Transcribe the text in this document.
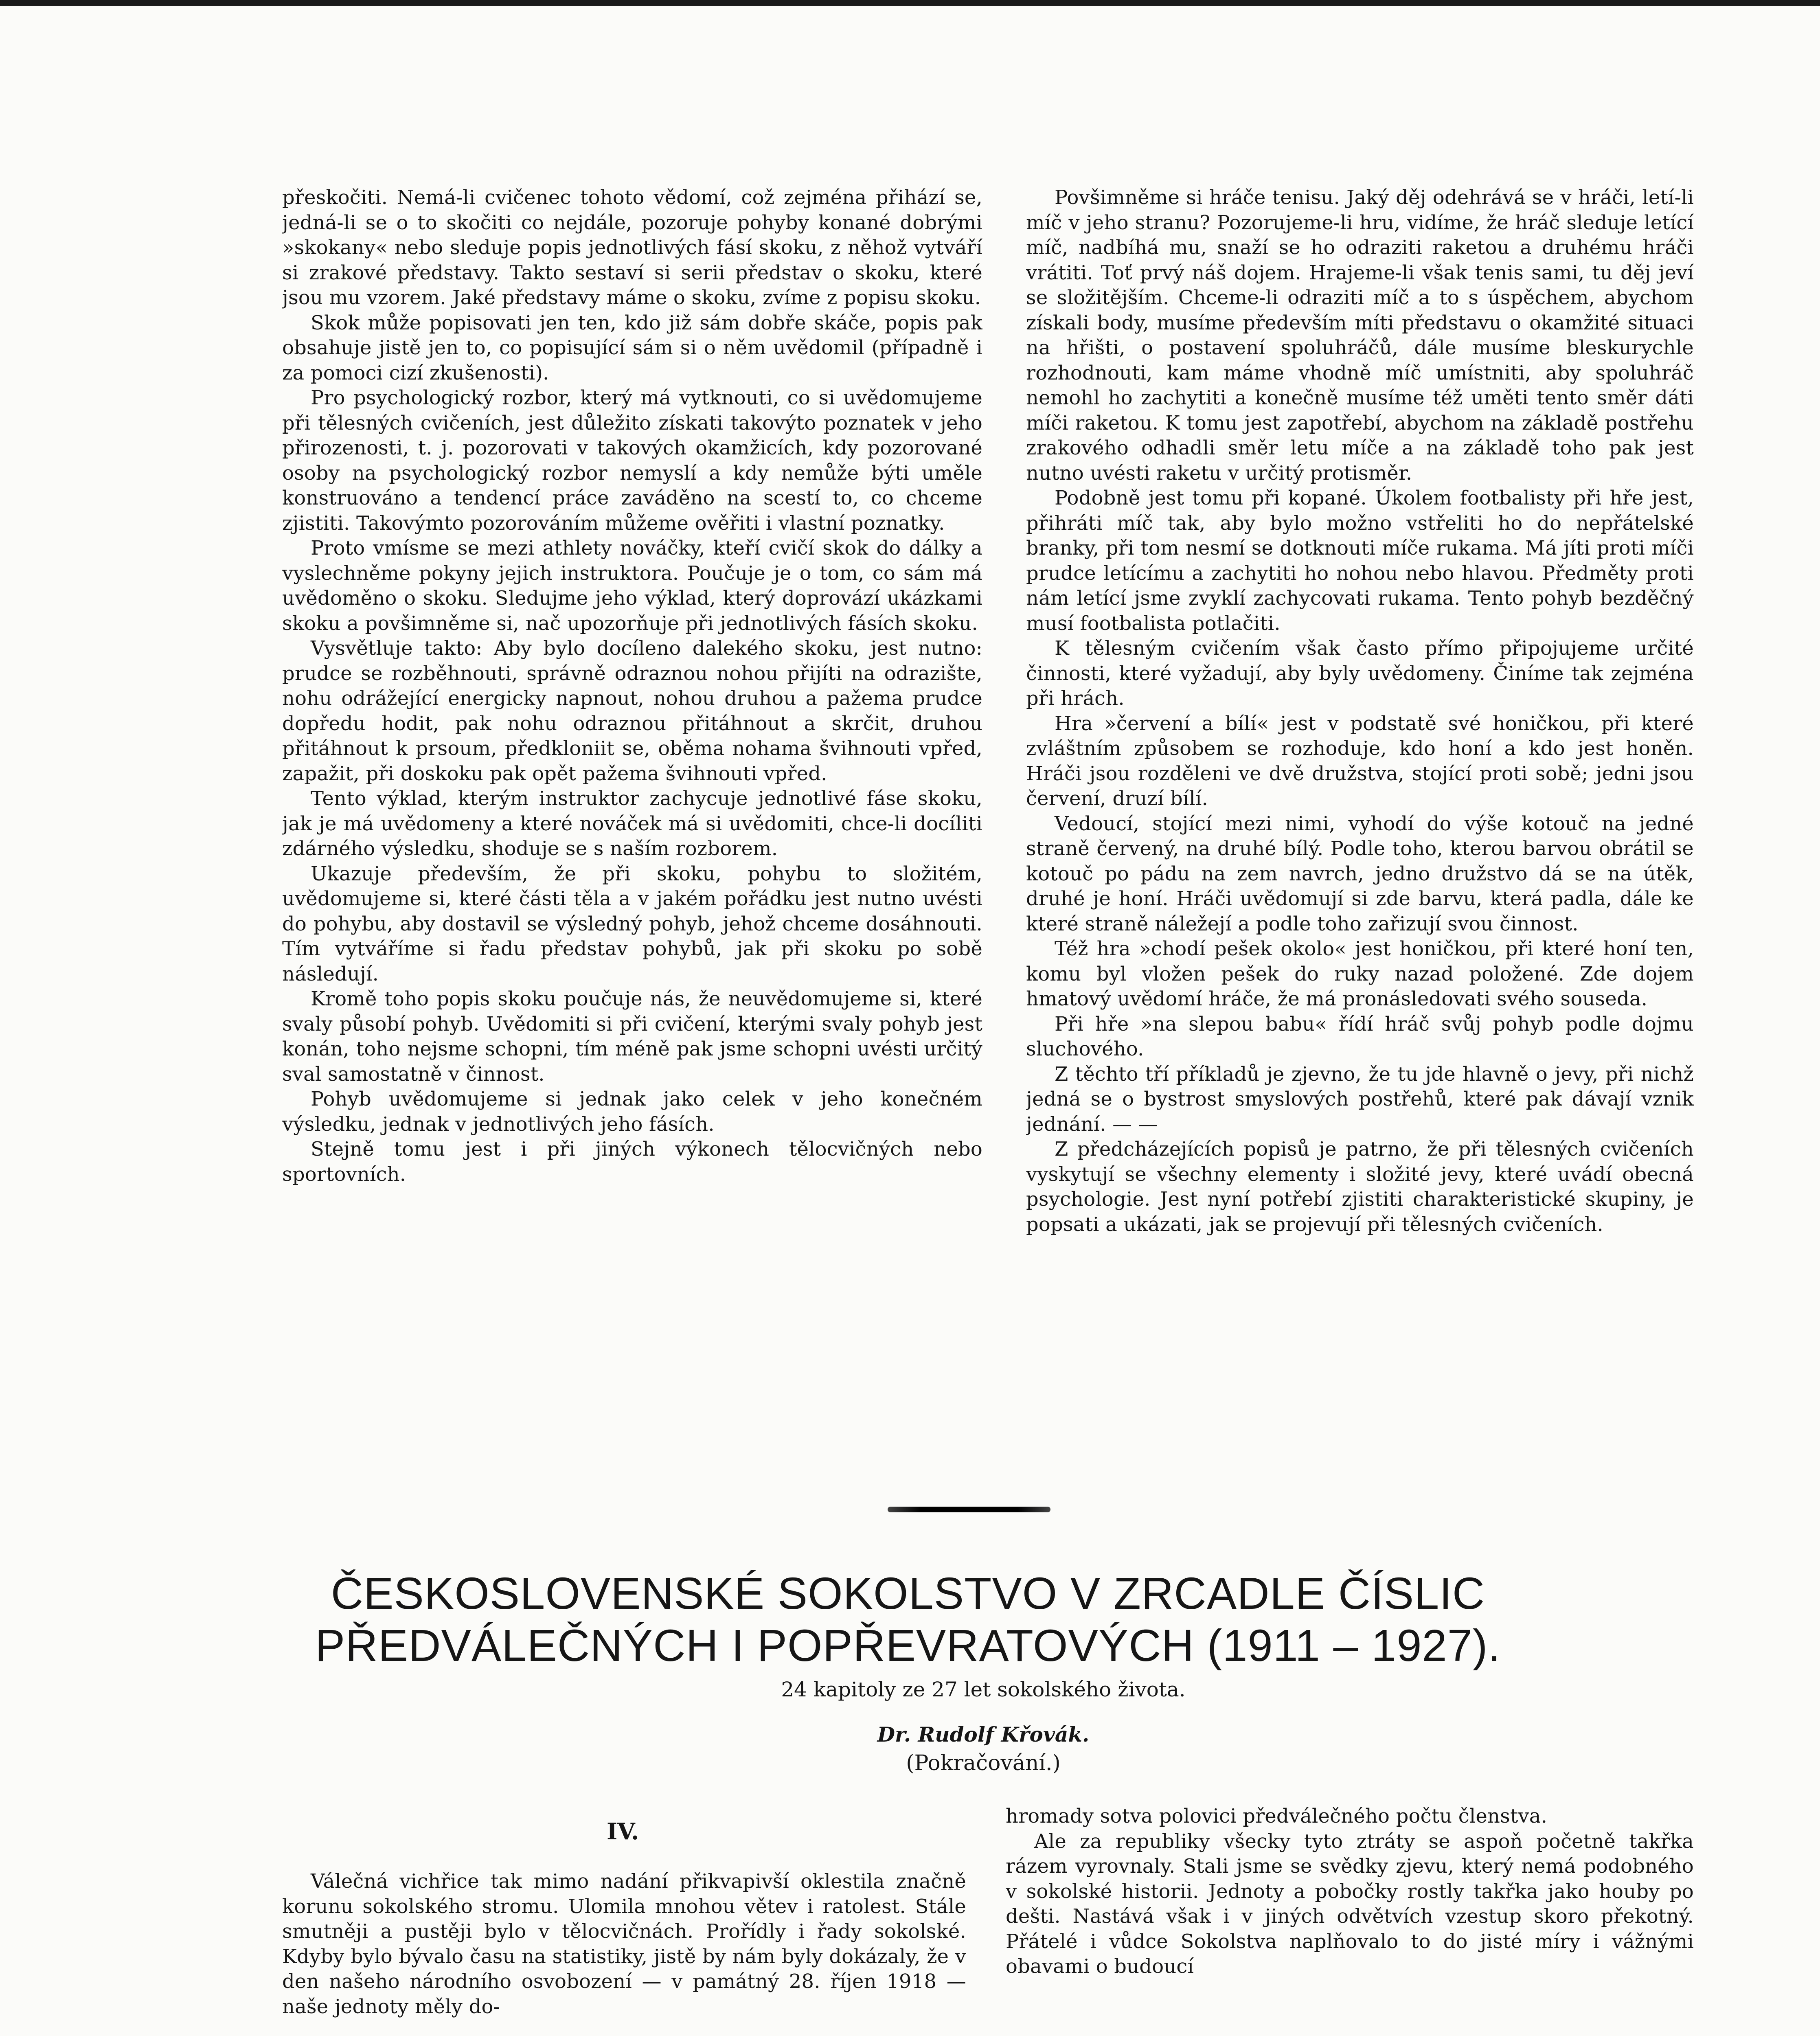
přeskočiti. Nemá-li cvičenec tohoto vědomí, což zejména přihází se, jedná-li se o to skočiti co nejdále, pozoruje pohyby konané dobrými »skokany« nebo sleduje popis jednotlivých fásí skoku, z něhož vytváří si zrakové představy. Takto sestaví si serii představ o skoku, které jsou mu vzorem. Jaké představy máme o skoku, zvíme z popisu skoku.

Skok může popisovati jen ten, kdo již sám dobře skáče, popis pak obsahuje jistě jen to, co popisující sám si o něm uvědomil (případně i za pomoci cizí zkušenosti).

Pro psychologický rozbor, který má vytknouti, co si uvědomujeme při tělesných cvičeních, jest důležito získati takovýto poznatek v jeho přirozenosti, t. j. pozorovati v takových okamžicích, kdy pozorované osoby na psychologický rozbor nemyslí a kdy nemůže býti uměle konstruováno a tendencí práce zaváděno na scestí to, co chceme zjistiti. Takovýmto pozorováním můžeme ověřiti i vlastní poznatky.

Proto vmísme se mezi athlety nováčky, kteří cvičí skok do dálky a vyslechněme pokyny jejich instruktora. Poučuje je o tom, co sám má uvědoměno o skoku. Sledujme jeho výklad, který doprovází ukázkami skoku a povšimněme si, nač upozorňuje při jednotlivých fásích skoku.

Vysvětluje takto: Aby bylo docíleno dalekého skoku, jest nutno: prudce se rozběhnouti, správně odraznou nohou přijíti na odrazište, nohu odrážející energicky napnout, nohou druhou a pažema prudce dopředu hodit, pak nohu odraznou přitáhnout a skrčit, druhou přitáhnout k prsoum, předkloniit se, oběma nohama švihnouti vpřed, zapažit, při doskoku pak opět pažema švihnouti vpřed.

Tento výklad, kterým instruktor zachycuje jednotlivé fáse skoku, jak je má uvědomeny a které nováček má si uvědomiti, chce-li docíliti zdárného výsledku, shoduje se s naším rozborem.

Ukazuje především, že při skoku, pohybu to složitém, uvědomujeme si, které části těla a v jakém pořádku jest nutno uvésti do pohybu, aby dostavil se výsledný pohyb, jehož chceme dosáhnouti. Tím vytváříme si řadu představ pohybů, jak při skoku po sobě následují.

Kromě toho popis skoku poučuje nás, že neuvědomujeme si, které svaly působí pohyb. Uvědomiti si při cvičení, kterými svaly pohyb jest konán, toho nejsme schopni, tím méně pak jsme schopni uvésti určitý sval samostatně v činnost.

Pohyb uvědomujeme si jednak jako celek v jeho konečném výsledku, jednak v jednotlivých jeho fásích.

Stejně tomu jest i při jiných výkonech tělocvičných nebo sportovních.

Povšimněme si hráče tenisu. Jaký děj odehrává se v hráči, letí-li míč v jeho stranu? Pozorujeme-li hru, vidíme, že hráč sleduje letící míč, nadbíhá mu, snaží se ho odraziti raketou a druhému hráči vrátiti. Toť prvý náš dojem. Hrajeme-li však tenis sami, tu děj jeví se složitějším. Chceme-li odraziti míč a to s úspěchem, abychom získali body, musíme především míti představu o okamžité situaci na hřišti, o postavení spoluhráčů, dále musíme bleskurychle rozhodnouti, kam máme vhodně míč umístniti, aby spoluhráč nemohl ho zachytiti a konečně musíme též uměti tento směr dáti míči raketou. K tomu jest zapotřebí, abychom na základě postřehu zrakového odhadli směr letu míče a na základě toho pak jest nutno uvésti raketu v určitý protisměr.

Podobně jest tomu při kopané. Úkolem footbalisty při hře jest, přihráti míč tak, aby bylo možno vstřeliti ho do nepřátelské branky, při tom nesmí se dotknouti míče rukama. Má jíti proti míči prudce letícímu a zachytiti ho nohou nebo hlavou. Předměty proti nám letící jsme zvyklí zachycovati rukama. Tento pohyb bezděčný musí footbalista potlačiti.

K tělesným cvičením však často přímo připojujeme určité činnosti, které vyžadují, aby byly uvědomeny. Činíme tak zejména při hrách.

Hra »červení a bílí« jest v podstatě své honičkou, při které zvláštním způsobem se rozhoduje, kdo honí a kdo jest honěn. Hráči jsou rozděleni ve dvě družstva, stojící proti sobě; jedni jsou červení, druzí bílí.

Vedoucí, stojící mezi nimi, vyhodí do výše kotouč na jedné straně červený, na druhé bílý. Podle toho, kterou barvou obrátil se kotouč po pádu na zem navrch, jedno družstvo dá se na útěk, druhé je honí. Hráči uvědomují si zde barvu, která padla, dále ke které straně náležejí a podle toho zařizují svou činnost.

Též hra »chodí pešek okolo« jest honičkou, při které honí ten, komu byl vložen pešek do ruky nazad položené. Zde dojem hmatový uvědomí hráče, že má pronásledovati svého souseda.

Při hře »na slepou babu« řídí hráč svůj pohyb podle dojmu sluchového.

Z těchto tří příkladů je zjevno, že tu jde hlavně o jevy, při nichž jedná se o bystrost smyslových postřehů, které pak dávají vznik jednání. — —

Z předcházejících popisů je patrno, že při tělesných cvičeních vyskytují se všechny elementy i složité jevy, které uvádí obecná psychologie. Jest nyní potřebí zjistiti charakteristické skupiny, je popsati a ukázati, jak se projevují při tělesných cvičeních.

ČESKOSLOVENSKÉ SOKOLSTVO V ZRCADLE ČÍSLIC PŘEDVÁLEČNÝCH I POPŘEVRATOVÝCH (1911 – 1927).

24 kapitoly ze 27 let sokolského života.

Dr. Rudolf Křovák.

(Pokračování.)

IV.

Válečná vichřice tak mimo nadání přikvapivší oklestila značně korunu sokolského stromu. Ulomila mnohou větev i ratolest. Stále smutněji a pustěji bylo v tělocvičnách. Prořídly i řady sokolské. Kdyby bylo bývalo času na statistiky, jistě by nám byly dokázaly, že v den našeho národního osvobození — v památný 28. říjen 1918 — naše jednoty měly do-

hromady sotva polovici předválečného počtu členstva.

Ale za republiky všecky tyto ztráty se aspoň početně takřka rázem vyrovnaly. Stali jsme se svědky zjevu, který nemá podobného v sokolské historii. Jednoty a pobočky rostly takřka jako houby po dešti. Nastává však i v jiných odvětvích vzestup skoro překotný. Přátelé i vůdce Sokolstva naplňovalo to do jisté míry i vážnými obavami o budoucí
